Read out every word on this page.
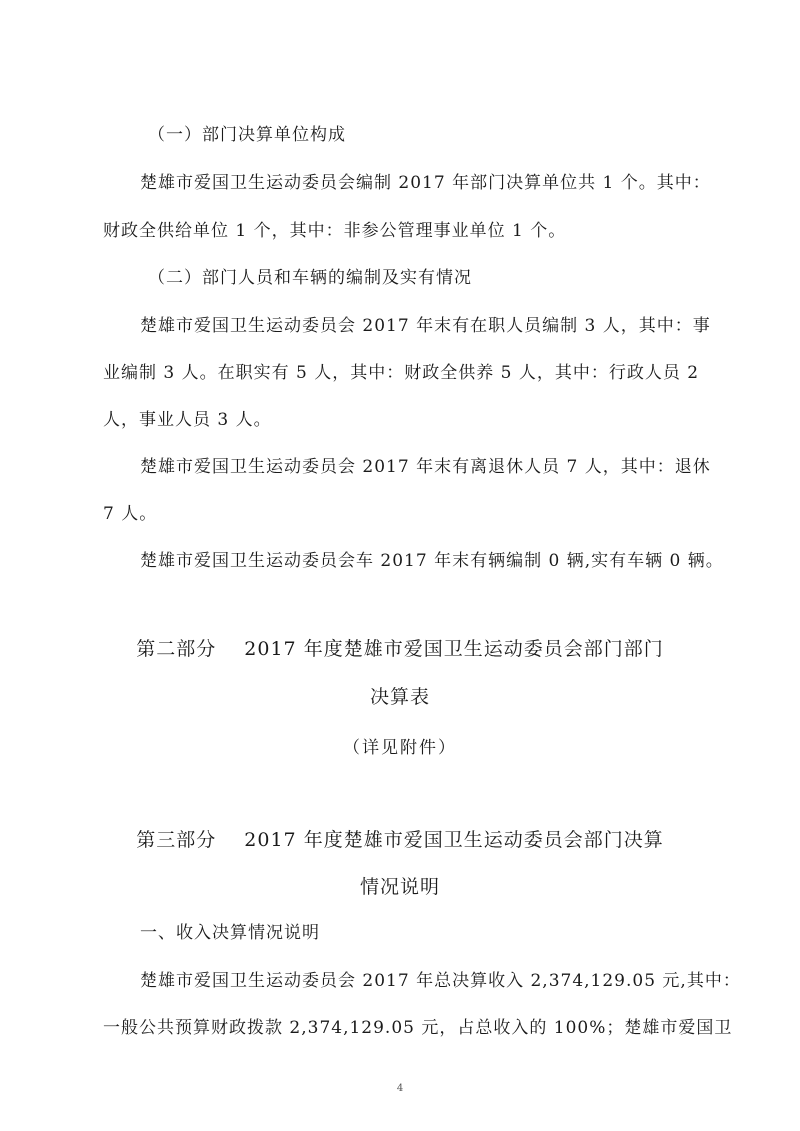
（一）部门决算单位构成
楚雄市爱国卫生运动委员会编制 2017 年部门决算单位共 1 个。其中：
财政全供给单位 1 个，其中：非参公管理事业单位 1 个。
（二）部门人员和车辆的编制及实有情况
楚雄市爱国卫生运动委员会 2017 年末有在职人员编制 3 人，其中：事
业编制 3 人。在职实有 5 人，其中：财政全供养 5 人，其中：行政人员 2
人，事业人员 3 人。
楚雄市爱国卫生运动委员会 2017 年末有离退休人员 7 人，其中：退休
7 人。
楚雄市爱国卫生运动委员会车 2017 年末有辆编制 0 辆,实有车辆 0 辆。
第二部分 2017 年度楚雄市爱国卫生运动委员会部门部门
决算表
（详见附件）
第三部分 2017 年度楚雄市爱国卫生运动委员会部门决算
情况说明
一、收入决算情况说明
楚雄市爱国卫生运动委员会 2017 年总决算收入 2,374,129.05 元,其中：
一般公共预算财政拨款 2,374,129.05 元，占总收入的 100%；楚雄市爱国卫
4
